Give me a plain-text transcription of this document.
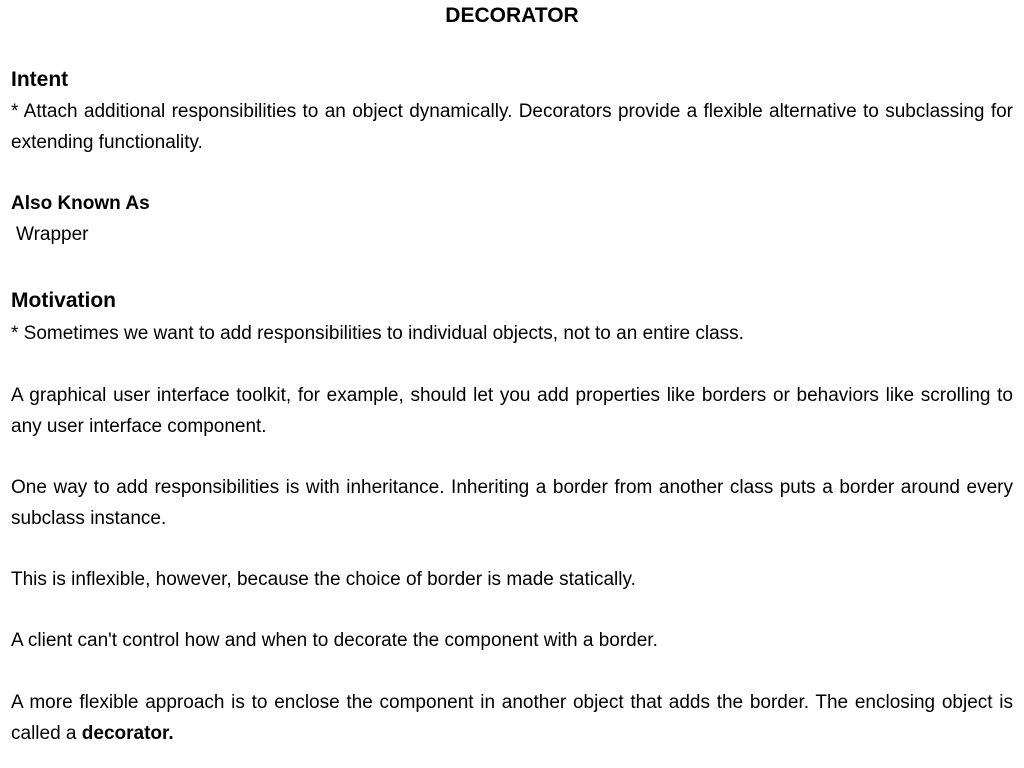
DECORATOR
Intent
* Attach additional responsibilities to an object dynamically. Decorators provide a flexible alternative to subclassing for extending functionality.
Also Known As
Wrapper
Motivation
* Sometimes we want to add responsibilities to individual objects, not to an entire class.
A graphical user interface toolkit, for example, should let you add properties like borders or behaviors like scrolling to any user interface component.
One way to add responsibilities is with inheritance. Inheriting a border from another class puts a border around every subclass instance.
This is inflexible, however, because the choice of border is made statically.
A client can't control how and when to decorate the component with a border.
A more flexible approach is to enclose the component in another object that adds the border. The enclosing object is called a decorator.
